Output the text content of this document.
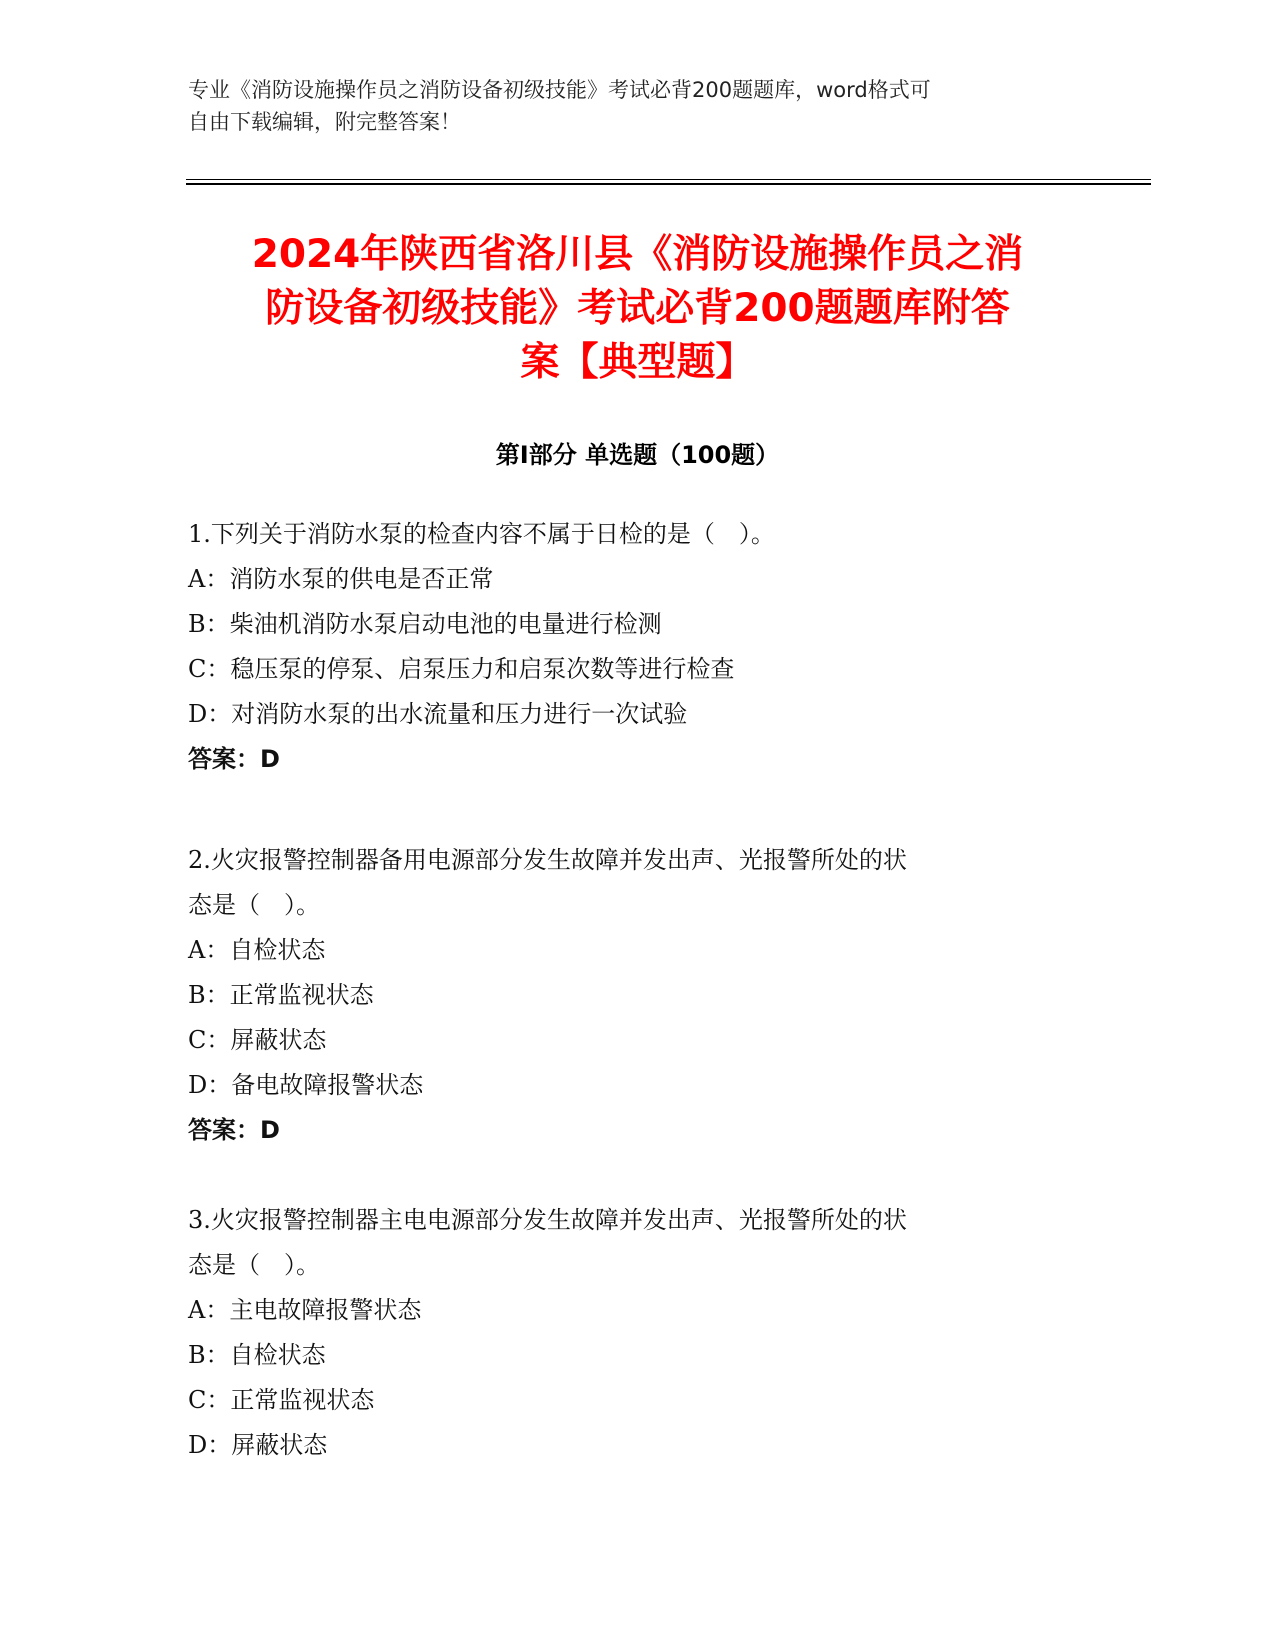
专业《消防设施操作员之消防设备初级技能》考试必背200题题库，word格式可
自由下载编辑，附完整答案！
2024年陕西省洛川县《消防设施操作员之消
防设备初级技能》考试必背200题题库附答
案【典型题】
第I部分 单选题（100题）
1.下列关于消防水泵的检查内容不属于日检的是（　）。
A：消防水泵的供电是否正常
B：柴油机消防水泵启动电池的电量进行检测
C：稳压泵的停泵、启泵压力和启泵次数等进行检查
D：对消防水泵的出水流量和压力进行一次试验
答案：D
2.火灾报警控制器备用电源部分发生故障并发出声、光报警所处的状
态是（　）。
A：自检状态
B：正常监视状态
C：屏蔽状态
D：备电故障报警状态
答案：D
3.火灾报警控制器主电电源部分发生故障并发出声、光报警所处的状
态是（　）。
A：主电故障报警状态
B：自检状态
C：正常监视状态
D：屏蔽状态
